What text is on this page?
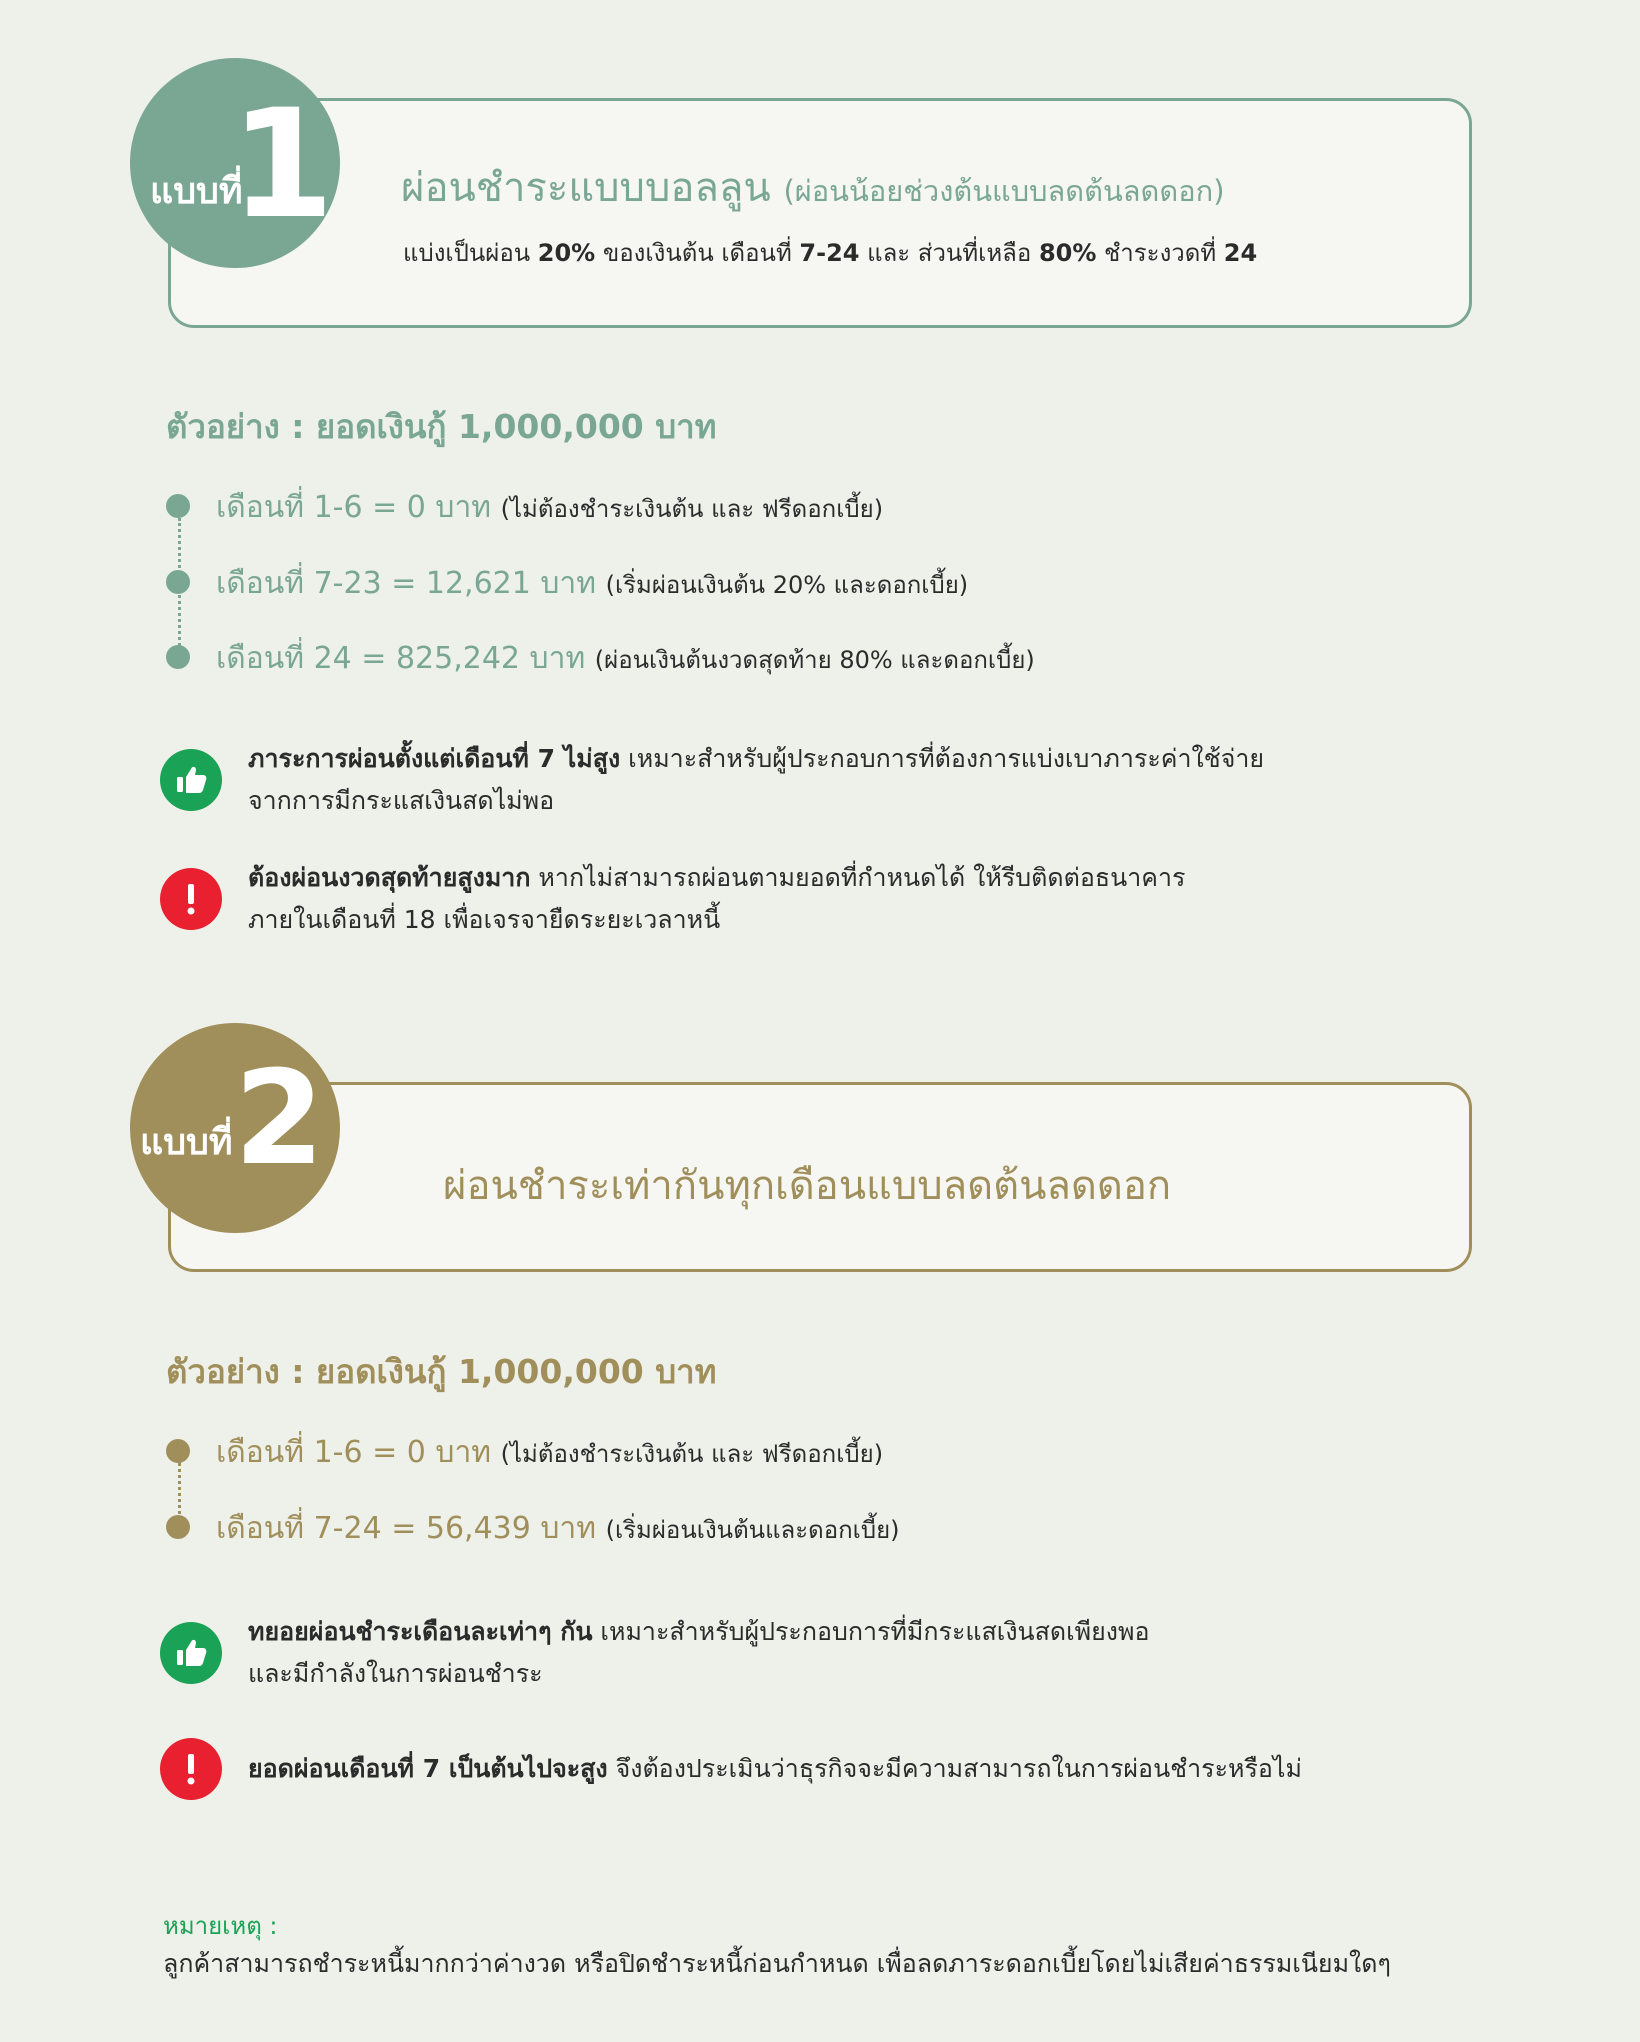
ผ่อนชำระแบบบอลลูน (ผ่อนน้อยช่วงต้นแบบลดต้นลดดอก)
แบ่งเป็นผ่อน 20% ของเงินต้น เดือนที่ 7-24 และ ส่วนที่เหลือ 80% ชำระงวดที่ 24
แบบที่
1
ตัวอย่าง : ยอดเงินกู้ 1,000,000 บาท
เดือนที่ 1-6 = 0 บาท (ไม่ต้องชำระเงินต้น และ ฟรีดอกเบี้ย)
เดือนที่ 7-23 = 12,621 บาท (เริ่มผ่อนเงินต้น 20% และดอกเบี้ย)
เดือนที่ 24 = 825,242 บาท (ผ่อนเงินต้นงวดสุดท้าย 80% และดอกเบี้ย)
ภาระการผ่อนตั้งแต่เดือนที่ 7 ไม่สูง เหมาะสำหรับผู้ประกอบการที่ต้องการแบ่งเบาภาระค่าใช้จ่าย
จากการมีกระแสเงินสดไม่พอ
ต้องผ่อนงวดสุดท้ายสูงมาก หากไม่สามารถผ่อนตามยอดที่กำหนดได้ ให้รีบติดต่อธนาคาร
ภายในเดือนที่ 18 เพื่อเจรจายืดระยะเวลาหนี้
ผ่อนชำระเท่ากันทุกเดือนแบบลดต้นลดดอก
แบบที่ 2
ตัวอย่าง : ยอดเงินกู้ 1,000,000 บาท
เดือนที่ 1-6 = 0 บาท (ไม่ต้องชำระเงินต้น และ ฟรีดอกเบี้ย)
เดือนที่ 7-24 = 56,439 บาท (เริ่มผ่อนเงินต้นและดอกเบี้ย)
ทยอยผ่อนชำระเดือนละเท่าๆ กัน เหมาะสำหรับผู้ประกอบการที่มีกระแสเงินสดเพียงพอ
และมีกำลังในการผ่อนชำระ
ยอดผ่อนเดือนที่ 7 เป็นต้นไปจะสูง จึงต้องประเมินว่าธุรกิจจะมีความสามารถในการผ่อนชำระหรือไม่
หมายเหตุ :
ลูกค้าสามารถชำระหนี้มากกว่าค่างวด หรือปิดชำระหนี้ก่อนกำหนด เพื่อลดภาระดอกเบี้ยโดยไม่เสียค่าธรรมเนียมใดๆ
